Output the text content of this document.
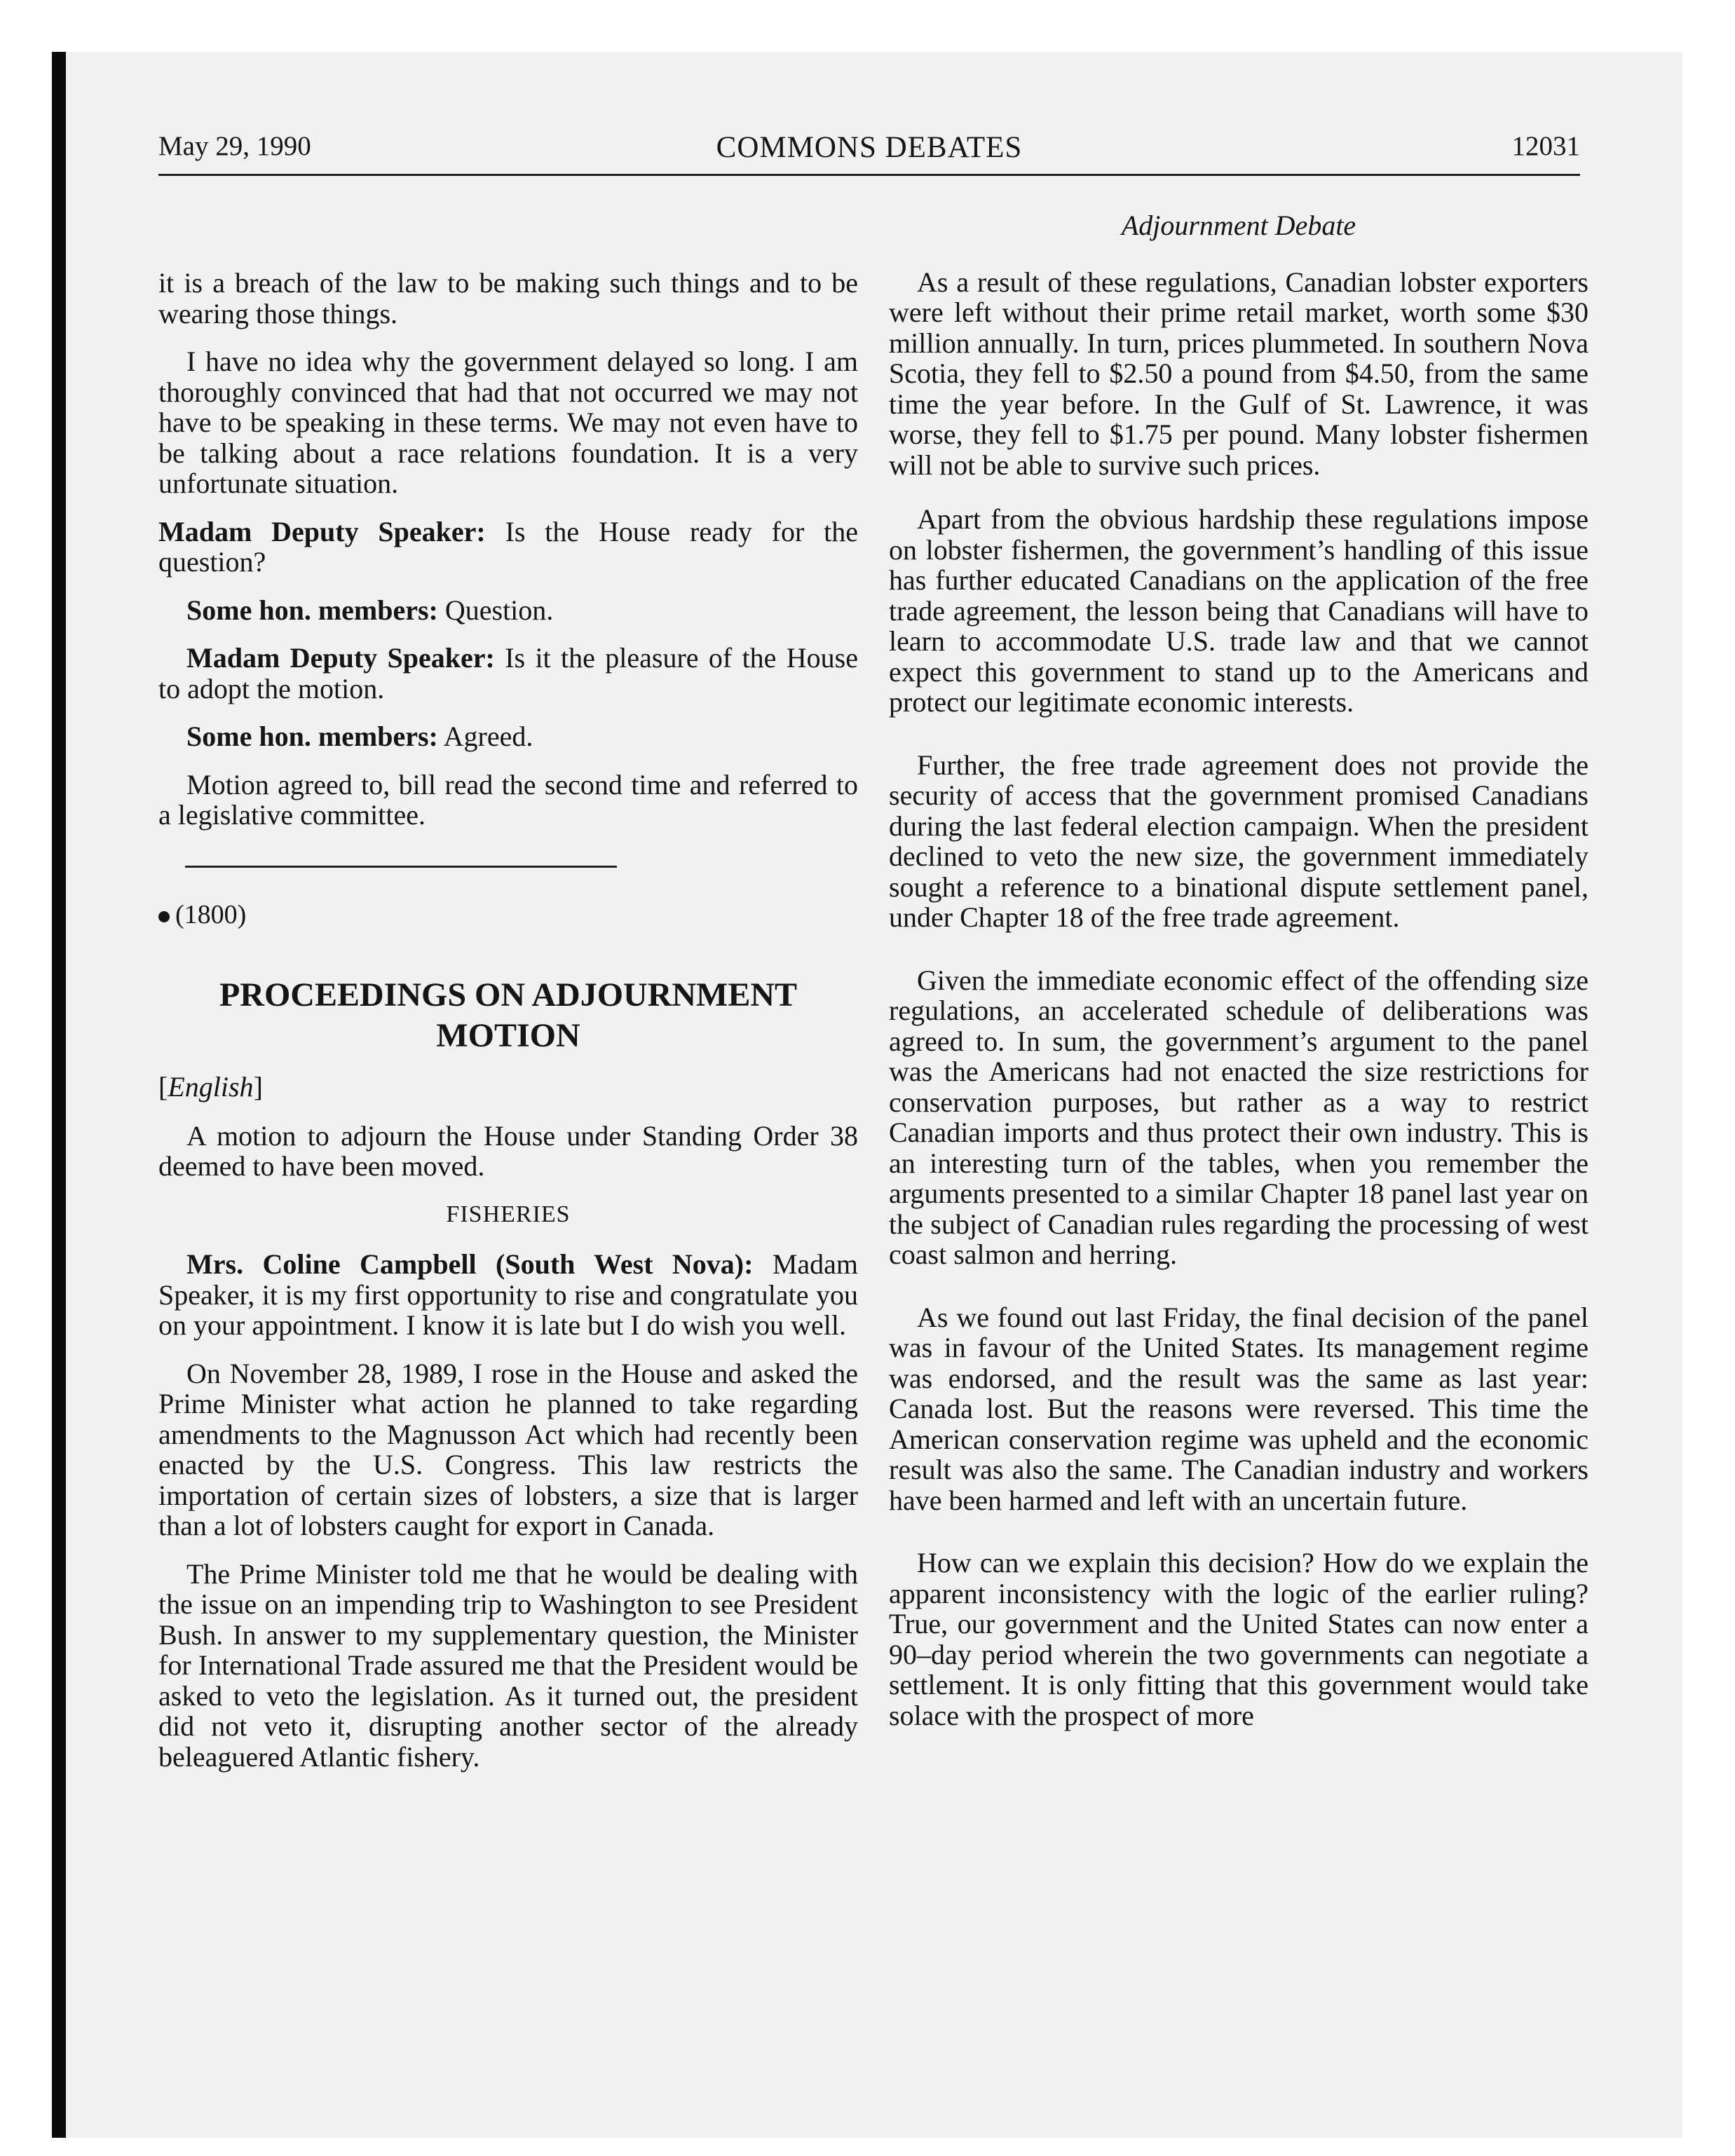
May 29, 1990	COMMONS DEBATES	12031

it is a breach of the law to be making such things and to be wearing those things.

I have no idea why the government delayed so long. I am thoroughly convinced that had that not occurred we may not have to be speaking in these terms. We may not even have to be talking about a race relations foundation. It is a very unfortunate situation.

Madam Deputy Speaker: Is the House ready for the question?

Some hon. members: Question.

Madam Deputy Speaker: Is it the pleasure of the House to adopt the motion.

Some hon. members: Agreed.

Motion agreed to, bill read the second time and referred to a legislative committee.

(1800)
PROCEEDINGS ON ADJOURNMENT MOTION
[English]

A motion to adjourn the House under Standing Order 38 deemed to have been moved.

FISHERIES

Mrs. Coline Campbell (South West Nova): Madam Speaker, it is my first opportunity to rise and congratulate you on your appointment. I know it is late but I do wish you well.

On November 28, 1989, I rose in the House and asked the Prime Minister what action he planned to take regarding amendments to the Magnusson Act which had recently been enacted by the U.S. Congress. This law restricts the importation of certain sizes of lobsters, a size that is larger than a lot of lobsters caught for export in Canada.

The Prime Minister told me that he would be dealing with the issue on an impending trip to Washington to see President Bush. In answer to my supplementary question, the Minister for International Trade assured me that the President would be asked to veto the legislation. As it turned out, the president did not veto it, disrupting another sector of the already beleaguered Atlantic fishery.

Adjournment Debate

As a result of these regulations, Canadian lobster exporters were left without their prime retail market, worth some $30 million annually. In turn, prices plummeted. In southern Nova Scotia, they fell to $2.50 a pound from $4.50, from the same time the year before. In the Gulf of St. Lawrence, it was worse, they fell to $1.75 per pound. Many lobster fishermen will not be able to survive such prices.

Apart from the obvious hardship these regulations impose on lobster fishermen, the government’s handling of this issue has further educated Canadians on the application of the free trade agreement, the lesson being that Canadians will have to learn to accommodate U.S. trade law and that we cannot expect this government to stand up to the Americans and protect our legitimate economic interests.

Further, the free trade agreement does not provide the security of access that the government promised Canadians during the last federal election campaign. When the president declined to veto the new size, the government immediately sought a reference to a binational dispute settlement panel, under Chapter 18 of the free trade agreement.

Given the immediate economic effect of the offending size regulations, an accelerated schedule of deliberations was agreed to. In sum, the government’s argument to the panel was the Americans had not enacted the size restrictions for conservation purposes, but rather as a way to restrict Canadian imports and thus protect their own industry. This is an interesting turn of the tables, when you remember the arguments presented to a similar Chapter 18 panel last year on the subject of Canadian rules regarding the processing of west coast salmon and herring.

As we found out last Friday, the final decision of the panel was in favour of the United States. Its management regime was endorsed, and the result was the same as last year: Canada lost. But the reasons were reversed. This time the American conservation regime was upheld and the economic result was also the same. The Canadian industry and workers have been harmed and left with an uncertain future.

How can we explain this decision? How do we explain the apparent inconsistency with the logic of the earlier ruling? True, our government and the United States can now enter a 90–day period wherein the two governments can negotiate a settlement. It is only fitting that this government would take solace with the prospect of more
